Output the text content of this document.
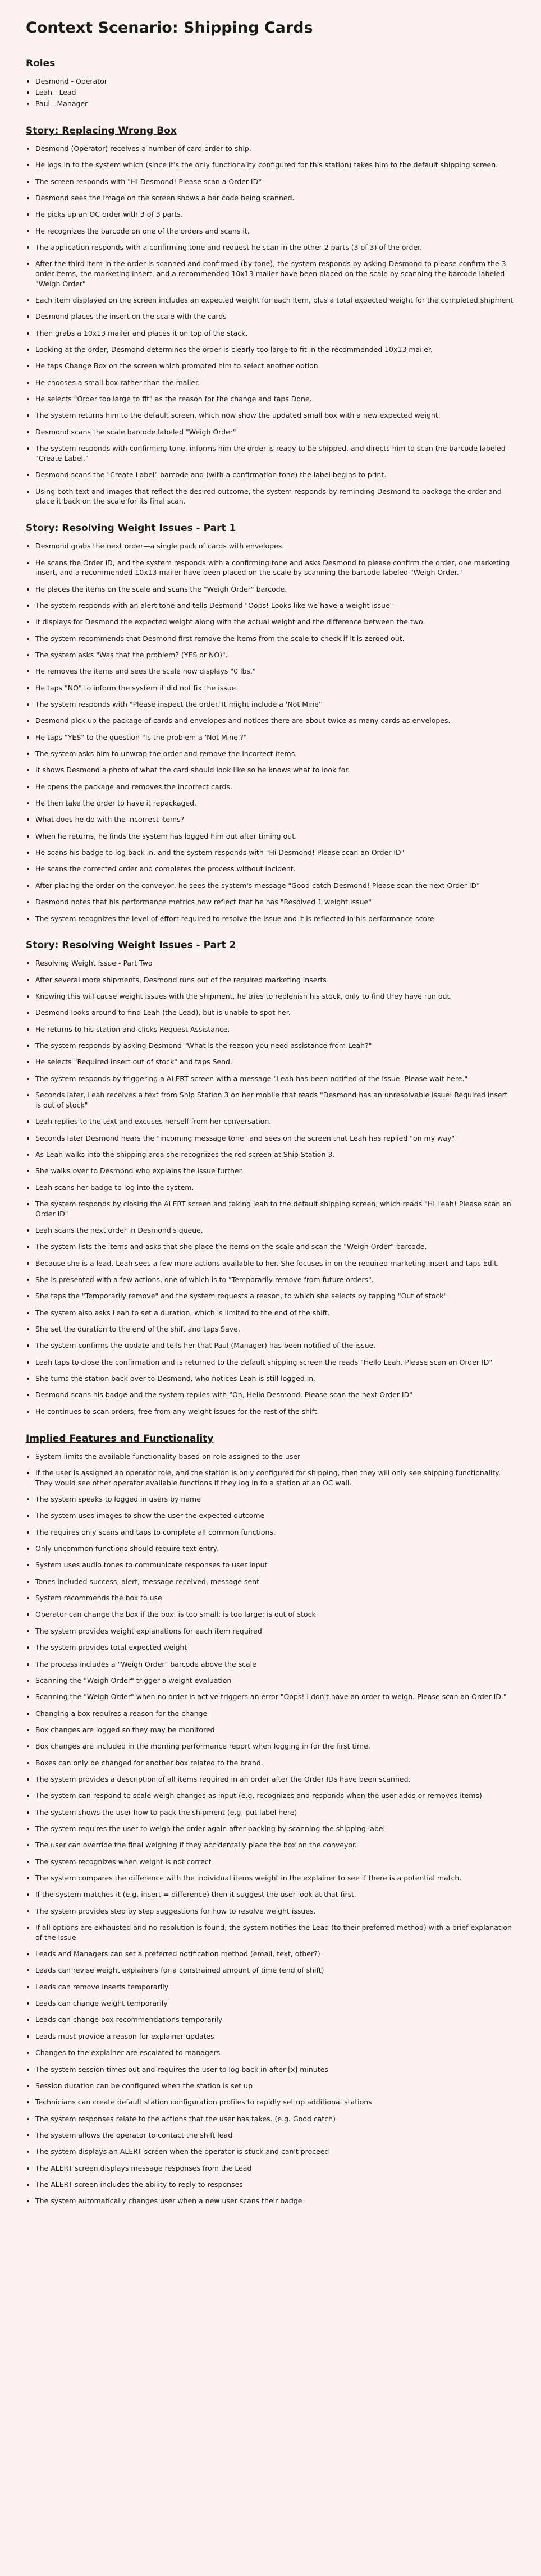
Context Scenario: Shipping Cards
Roles
Desmond - Operator
Leah - Lead
Paul - Manager
Story: Replacing Wrong Box
Desmond (Operator) receives a number of card order to ship.
He logs in to the system which (since it's the only functionality configured for this station) takes him to the default shipping screen.
The screen responds with "Hi Desmond! Please scan a Order ID"
Desmond sees the image on the screen shows a bar code being scanned.
He picks up an OC order with 3 of 3 parts.
He recognizes the barcode on one of the orders and scans it.
The application responds with a confirming tone and request he scan in the other 2 parts (3 of 3) of the order.
After the third item in the order is scanned and confirmed (by tone), the system responds by asking Desmond to please confirm the 3 order items, the marketing insert, and a recommended 10x13 mailer have been placed on the scale by scanning the barcode labeled "Weigh Order"
Each item displayed on the screen includes an expected weight for each item, plus a total expected weight for the completed shipment
Desmond places the insert on the scale with the cards
Then grabs a 10x13 mailer and places it on top of the stack.
Looking at the order, Desmond determines the order is clearly too large to fit in the recommended 10x13 mailer.
He taps Change Box on the screen which prompted him to select another option.
He chooses a small box rather than the mailer.
He selects "Order too large to fit" as the reason for the change and taps Done.
The system returns him to the default screen, which now show the updated small box with a new expected weight.
Desmond scans the scale barcode labeled "Weigh Order"
The system responds with confirming tone, informs him the order is ready to be shipped, and directs him to scan the barcode labeled "Create Label."
Desmond scans the "Create Label" barcode and (with a confirmation tone) the label begins to print.
Using both text and images that reflect the desired outcome, the system responds by reminding Desmond to package the order and place it back on the scale for its final scan.
Story: Resolving Weight Issues - Part 1
Desmond grabs the next order—a single pack of cards with envelopes.
He scans the Order ID, and the system responds with a confirming tone and asks Desmond to please confirm the order, one marketing insert, and a recommended 10x13 mailer have been placed on the scale by scanning the barcode labeled "Weigh Order."
He places the items on the scale and scans the "Weigh Order" barcode.
The system responds with an alert tone and tells Desmond "Oops! Looks like we have a weight issue"
It displays for Desmond the expected weight along with the actual weight and the difference between the two.
The system recommends that Desmond first remove the items from the scale to check if it is zeroed out.
The system asks "Was that the problem? (YES or NO)".
He removes the items and sees the scale now displays "0 lbs."
He taps "NO" to inform the system it did not fix the issue.
The system responds with "Please inspect the order. It might include a 'Not Mine'"
Desmond pick up the package of cards and envelopes and notices there are about twice as many cards as envelopes.
He taps "YES" to the question "Is the problem a 'Not Mine'?"
The system asks him to unwrap the order and remove the incorrect items.
It shows Desmond a photo of what the card should look like so he knows what to look for.
He opens the package and removes the incorrect cards.
He then take the order to have it repackaged.
What does he do with the incorrect items?
When he returns, he finds the system has logged him out after timing out.
He scans his badge to log back in, and the system responds with "Hi Desmond! Please scan an Order ID"
He scans the corrected order and completes the process without incident.
After placing the order on the conveyor, he sees the system's message "Good catch Desmond! Please scan the next Order ID"
Desmond notes that his performance metrics now reflect that he has "Resolved 1 weight issue"
The system recognizes the level of effort required to resolve the issue and it is reflected in his performance score
Story: Resolving Weight Issues - Part 2
Resolving Weight Issue - Part Two
After several more shipments, Desmond runs out of the required marketing inserts
Knowing this will cause weight issues with the shipment, he tries to replenish his stock, only to find they have run out.
Desmond looks around to find Leah (the Lead), but is unable to spot her.
He returns to his station and clicks Request Assistance.
The system responds by asking Desmond "What is the reason you need assistance from Leah?"
He selects "Required insert out of stock" and taps Send.
The system responds by triggering a ALERT screen with a message "Leah has been notified of the issue. Please wait here."
Seconds later, Leah receives a text from Ship Station 3 on her mobile that reads "Desmond has an unresolvable issue: Required insert is out of stock"
Leah replies to the text and excuses herself from her conversation.
Seconds later Desmond hears the "incoming message tone" and sees on the screen that Leah has replied "on my way"
As Leah walks into the shipping area she recognizes the red screen at Ship Station 3.
She walks over to Desmond who explains the issue further.
Leah scans her badge to log into the system.
The system responds by closing the ALERT screen and taking leah to the default shipping screen, which reads "Hi Leah! Please scan an Order ID"
Leah scans the next order in Desmond's queue.
The system lists the items and asks that she place the items on the scale and scan the "Weigh Order" barcode.
Because she is a lead, Leah sees a few more actions available to her. She focuses in on the required marketing insert and taps Edit.
She is presented with a few actions, one of which is to "Temporarily remove from future orders".
She taps the "Temporarily remove" and the system requests a reason, to which she selects by tapping "Out of stock"
The system also asks Leah to set a duration, which is limited to the end of the shift.
She set the duration to the end of the shift and taps Save.
The system confirms the update and tells her that Paul (Manager) has been notified of the issue.
Leah taps to close the confirmation and is returned to the default shipping screen the reads "Hello Leah. Please scan an Order ID"
She turns the station back over to Desmond, who notices Leah is still logged in.
Desmond scans his badge and the system replies with "Oh, Hello Desmond. Please scan the next Order ID"
He continues to scan orders, free from any weight issues for the rest of the shift.
Implied Features and Functionality
System limits the available functionality based on role assigned to the user
If the user is assigned an operator role, and the station is only configured for shipping, then they will only see shipping functionality. They would see other operator available functions if they log in to a station at an OC wall.
The system speaks to logged in users by name
The system uses images to show the user the expected outcome
The requires only scans and taps to complete all common functions.
Only uncommon functions should require text entry.
System uses audio tones to communicate responses to user input
Tones included success, alert, message received, message sent
System recommends the box to use
Operator can change the box if the box: is too small; is too large; is out of stock
The system provides weight explanations for each item required
The system provides total expected weight
The process includes a "Weigh Order" barcode above the scale
Scanning the "Weigh Order" trigger a weight evaluation
Scanning the "Weigh Order" when no order is active triggers an error "Oops! I don't have an order to weigh. Please scan an Order ID."
Changing a box requires a reason for the change
Box changes are logged so they may be monitored
Box changes are included in the morning performance report when logging in for the first time.
Boxes can only be changed for another box related to the brand.
The system provides a description of all items required in an order after the Order IDs have been scanned.
The system can respond to scale weigh changes as input (e.g. recognizes and responds when the user adds or removes items)
The system shows the user how to pack the shipment (e.g. put label here)
The system requires the user to weigh the order again after packing by scanning the shipping label
The user can override the final weighing if they accidentally place the box on the conveyor.
The system recognizes when weight is not correct
The system compares the difference with the individual items weight in the explainer to see if there is a potential match.
If the system matches it (e.g. insert = difference) then it suggest the user look at that first.
The system provides step by step suggestions for how to resolve weight issues.
If all options are exhausted and no resolution is found, the system notifies the Lead (to their preferred method) with a brief explanation of the issue
Leads and Managers can set a preferred notification method (email, text, other?)
Leads can revise weight explainers for a constrained amount of time (end of shift)
Leads can remove inserts temporarily
Leads can change weight temporarily
Leads can change box recommendations temporarily
Leads must provide a reason for explainer updates
Changes to the explainer are escalated to managers
The system session times out and requires the user to log back in after [x] minutes
Session duration can be configured when the station is set up
Technicians can create default station configuration profiles to rapidly set up additional stations
The system responses relate to the actions that the user has takes. (e.g. Good catch)
The system allows the operator to contact the shift lead
The system displays an ALERT screen when the operator is stuck and can't proceed
The ALERT screen displays message responses from the Lead
The ALERT screen includes the ability to reply to responses
The system automatically changes user when a new user scans their badge
